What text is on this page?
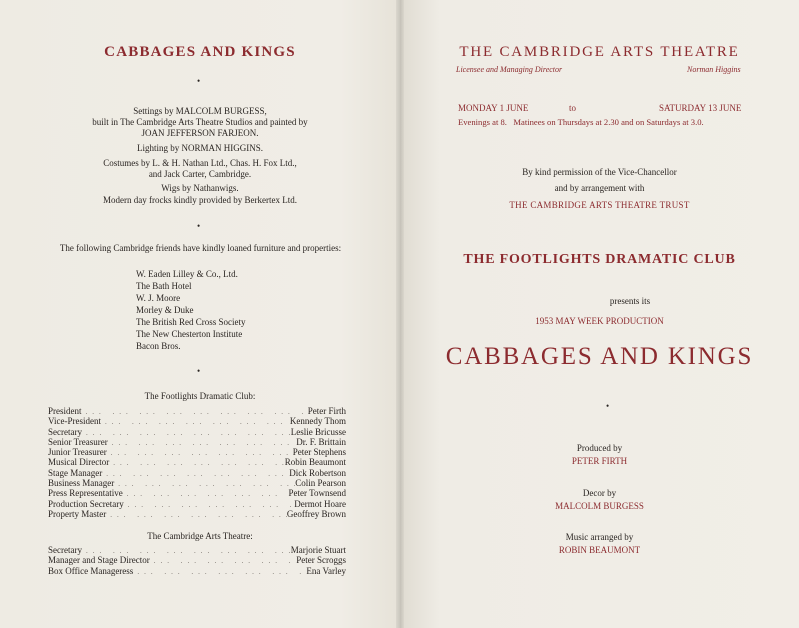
CABBAGES AND KINGS
•
Settings by MALCOLM BURGESS,
built in The Cambridge Arts Theatre Studios and painted by
JOAN JEFFERSON FARJEON.
Lighting by NORMAN HIGGINS.
Costumes by L. & H. Nathan Ltd., Chas. H. Fox Ltd.,
and Jack Carter, Cambridge.
Wigs by Nathanwigs.
Modern day frocks kindly provided by Berkertex Ltd.
•
The following Cambridge friends have kindly loaned furniture and properties:
W. Eaden Lilley & Co., Ltd.
The Bath Hotel
W. J. Moore
Morley & Duke
The British Red Cross Society
The New Chesterton Institute
Bacon Bros.
•
The Footlights Dramatic Club:
President ... .	Peter Firth
Vice-President ... .	Kennedy Thom
Secretary ... .	Leslie Bricusse
Senior Treasurer ... .	Dr. F. Brittain
Junior Treasurer ... .	Peter Stephens
Musical Director ... .	Robin Beaumont
Stage Manager ... .	Dick Robertson
Business Manager ... .	Colin Pearson
Press Representative ... .	Peter Townsend
Production Secretary ... .	Dermot Hoare
Property Master ... .	Geoffrey Brown
The Cambridge Arts Theatre:
Secretary ... .	Marjorie Stuart
Manager and Stage Director ... .	Peter Scroggs
Box Office Manageress ... .	Ena Varley
THE CAMBRIDGE ARTS THEATRE
Licensee and Managing Director	Norman Higgins
MONDAY 1 JUNE	to	SATURDAY 13 JUNE
Evenings at 8.   Matinees on Thursdays at 2.30 and on Saturdays at 3.0.
By kind permission of the Vice-Chancellor
and by arrangement with
THE CAMBRIDGE ARTS THEATRE TRUST
THE FOOTLIGHTS DRAMATIC CLUB
presents its
1953 MAY WEEK PRODUCTION
CABBAGES AND KINGS
•
Produced by
PETER FIRTH
Decor by
MALCOLM BURGESS
Music arranged by
ROBIN BEAUMONT
